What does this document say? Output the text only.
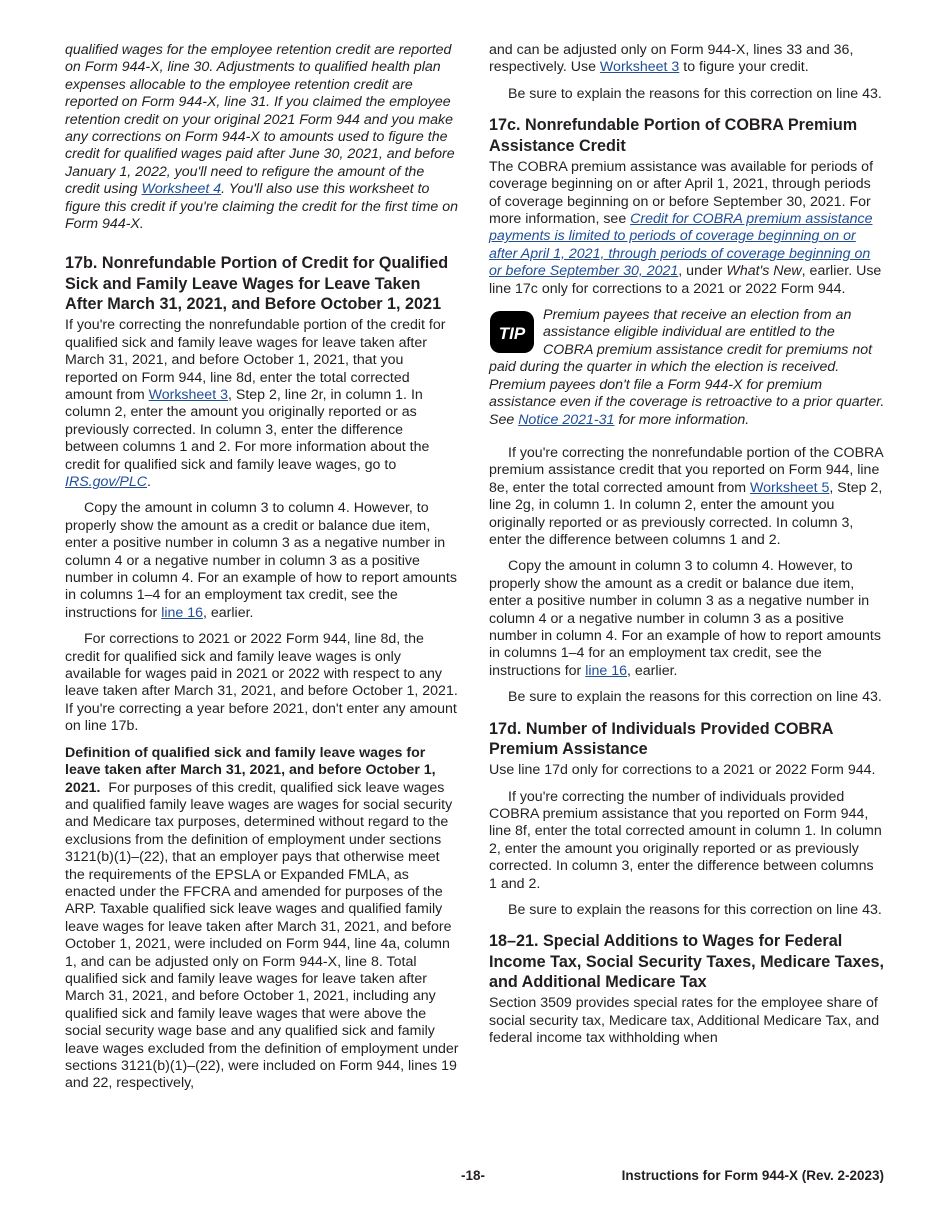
qualified wages for the employee retention credit are reported on Form 944-X, line 30. Adjustments to qualified health plan expenses allocable to the employee retention credit are reported on Form 944-X, line 31. If you claimed the employee retention credit on your original 2021 Form 944 and you make any corrections on Form 944-X to amounts used to figure the credit for qualified wages paid after June 30, 2021, and before January 1, 2022, you'll need to refigure the amount of the credit using Worksheet 4. You'll also use this worksheet to figure this credit if you're claiming the credit for the first time on Form 944-X.

17b. Nonrefundable Portion of Credit for Qualified Sick and Family Leave Wages for Leave Taken After March 31, 2021, and Before October 1, 2021

If you're correcting the nonrefundable portion of the credit for qualified sick and family leave wages for leave taken after March 31, 2021, and before October 1, 2021, that you reported on Form 944, line 8d, enter the total corrected amount from Worksheet 3, Step 2, line 2r, in column 1. In column 2, enter the amount you originally reported or as previously corrected. In column 3, enter the difference between columns 1 and 2. For more information about the credit for qualified sick and family leave wages, go to IRS.gov/PLC.

Copy the amount in column 3 to column 4. However, to properly show the amount as a credit or balance due item, enter a positive number in column 3 as a negative number in column 4 or a negative number in column 3 as a positive number in column 4. For an example of how to report amounts in columns 1–4 for an employment tax credit, see the instructions for line 16, earlier.

For corrections to 2021 or 2022 Form 944, line 8d, the credit for qualified sick and family leave wages is only available for wages paid in 2021 or 2022 with respect to any leave taken after March 31, 2021, and before October 1, 2021. If you're correcting a year before 2021, don't enter any amount on line 17b.

Definition of qualified sick and family leave wages for leave taken after March 31, 2021, and before October 1, 2021. For purposes of this credit, qualified sick leave wages and qualified family leave wages are wages for social security and Medicare tax purposes, determined without regard to the exclusions from the definition of employment under sections 3121(b)(1)–(22), that an employer pays that otherwise meet the requirements of the EPSLA or Expanded FMLA, as enacted under the FFCRA and amended for purposes of the ARP. Taxable qualified sick leave wages and qualified family leave wages for leave taken after March 31, 2021, and before October 1, 2021, were included on Form 944, line 4a, column 1, and can be adjusted only on Form 944-X, line 8. Total qualified sick and family leave wages for leave taken after March 31, 2021, and before October 1, 2021, including any qualified sick and family leave wages that were above the social security wage base and any qualified sick and family leave wages excluded from the definition of employment under sections 3121(b)(1)–(22), were included on Form 944, lines 19 and 22, respectively,

and can be adjusted only on Form 944-X, lines 33 and 36, respectively. Use Worksheet 3 to figure your credit.

Be sure to explain the reasons for this correction on line 43.

17c. Nonrefundable Portion of COBRA Premium Assistance Credit

The COBRA premium assistance was available for periods of coverage beginning on or after April 1, 2021, through periods of coverage beginning on or before September 30, 2021. For more information, see Credit for COBRA premium assistance payments is limited to periods of coverage beginning on or after April 1, 2021, through periods of coverage beginning on or before September 30, 2021, under What's New, earlier. Use line 17c only for corrections to a 2021 or 2022 Form 944.

TIP
Premium payees that receive an election from an assistance eligible individual are entitled to the COBRA premium assistance credit for premiums not paid during the quarter in which the election is received. Premium payees don't file a Form 944-X for premium assistance even if the coverage is retroactive to a prior quarter. See Notice 2021-31 for more information.

If you're correcting the nonrefundable portion of the COBRA premium assistance credit that you reported on Form 944, line 8e, enter the total corrected amount from Worksheet 5, Step 2, line 2g, in column 1. In column 2, enter the amount you originally reported or as previously corrected. In column 3, enter the difference between columns 1 and 2.

Copy the amount in column 3 to column 4. However, to properly show the amount as a credit or balance due item, enter a positive number in column 3 as a negative number in column 4 or a negative number in column 3 as a positive number in column 4. For an example of how to report amounts in columns 1–4 for an employment tax credit, see the instructions for line 16, earlier.

Be sure to explain the reasons for this correction on line 43.

17d. Number of Individuals Provided COBRA Premium Assistance

Use line 17d only for corrections to a 2021 or 2022 Form 944.

If you're correcting the number of individuals provided COBRA premium assistance that you reported on Form 944, line 8f, enter the total corrected amount in column 1. In column 2, enter the amount you originally reported or as previously corrected. In column 3, enter the difference between columns 1 and 2.

Be sure to explain the reasons for this correction on line 43.

18–21. Special Additions to Wages for Federal Income Tax, Social Security Taxes, Medicare Taxes, and Additional Medicare Tax

Section 3509 provides special rates for the employee share of social security tax, Medicare tax, Additional Medicare Tax, and federal income tax withholding when

-18-	Instructions for Form 944-X (Rev. 2-2023)
